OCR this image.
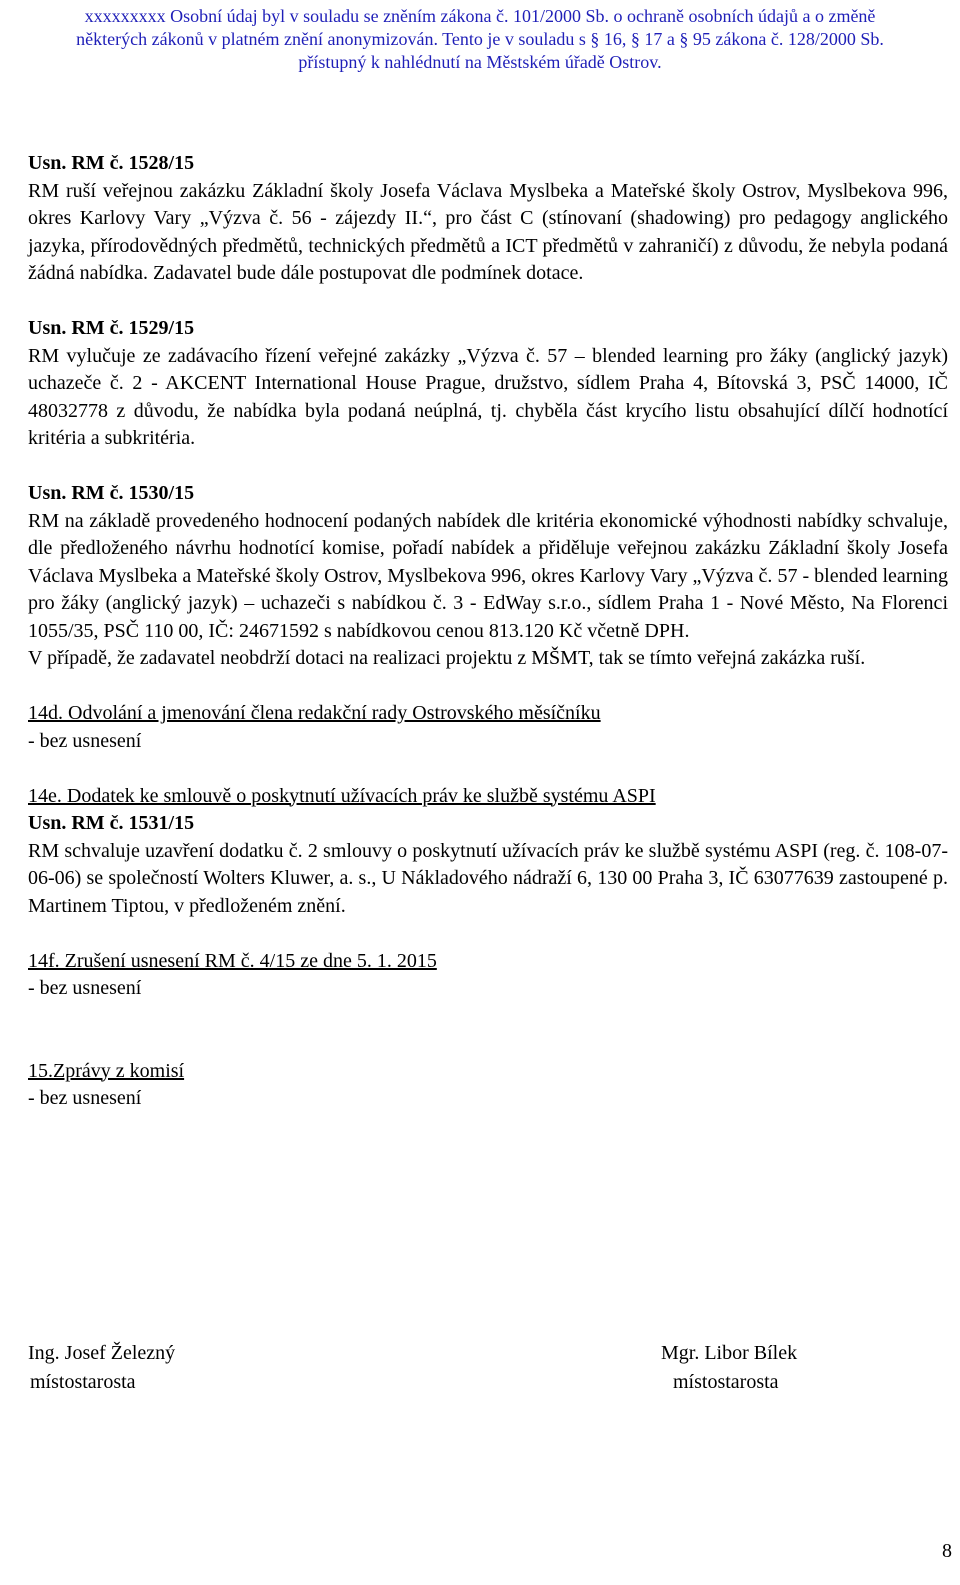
xxxxxxxxx Osobní údaj byl v souladu se zněním zákona č. 101/2000 Sb. o ochraně osobních údajů a o změně
některých zákonů v platném znění anonymizován. Tento je v souladu s § 16, § 17 a § 95 zákona č. 128/2000 Sb.
přístupný k nahlédnutí na Městském úřadě Ostrov.
Usn. RM č. 1528/15
RM ruší veřejnou zakázku Základní školy Josefa Václava Myslbeka a Mateřské školy Ostrov, Myslbekova 996, okres Karlovy Vary „Výzva č. 56 - zájezdy II.“, pro část C (stínovaní (shadowing) pro pedagogy anglického jazyka, přírodovědných předmětů, technických předmětů a ICT předmětů v zahraničí) z důvodu, že nebyla podaná žádná nabídka. Zadavatel bude dále postupovat dle podmínek dotace.
Usn. RM č. 1529/15
RM vylučuje ze zadávacího řízení veřejné zakázky „Výzva č. 57 – blended learning pro žáky (anglický jazyk) uchazeče č. 2 - AKCENT International House Prague, družstvo, sídlem Praha 4, Bítovská 3, PSČ 14000, IČ 48032778 z důvodu, že nabídka byla podaná neúplná, tj. chyběla část krycího listu obsahující dílčí hodnotící kritéria a subkritéria.
Usn. RM č. 1530/15
RM na základě provedeného hodnocení podaných nabídek dle kritéria ekonomické výhodnosti nabídky schvaluje, dle předloženého návrhu hodnotící komise, pořadí nabídek a přiděluje veřejnou zakázku Základní školy Josefa Václava Myslbeka a Mateřské školy Ostrov, Myslbekova 996, okres Karlovy Vary „Výzva č. 57 - blended learning pro žáky (anglický jazyk) – uchazeči s nabídkou č. 3 - EdWay s.r.o., sídlem Praha 1 - Nové Město, Na Florenci 1055/35, PSČ 110 00, IČ: 24671592 s nabídkovou cenou 813.120 Kč včetně DPH.
V případě, že zadavatel neobdrží dotaci na realizaci projektu z MŠMT, tak se tímto veřejná zakázka ruší.
14d. Odvolání a jmenování člena redakční rady Ostrovského měsíčníku
- bez usnesení
14e. Dodatek ke smlouvě o poskytnutí užívacích práv ke službě systému ASPI
Usn. RM č. 1531/15
RM schvaluje uzavření dodatku č. 2 smlouvy o poskytnutí užívacích práv ke službě systému ASPI (reg. č. 108-07-06-06) se společností Wolters Kluwer, a. s., U Nákladového nádraží 6, 130 00 Praha 3, IČ 63077639 zastoupené p. Martinem Tiptou, v předloženém znění.
14f. Zrušení usnesení RM č. 4/15 ze dne 5. 1. 2015
- bez usnesení
15.Zprávy z komisí
- bez usnesení
Ing. Josef Železný
místostarosta
Mgr. Libor Bílek
místostarosta
8
